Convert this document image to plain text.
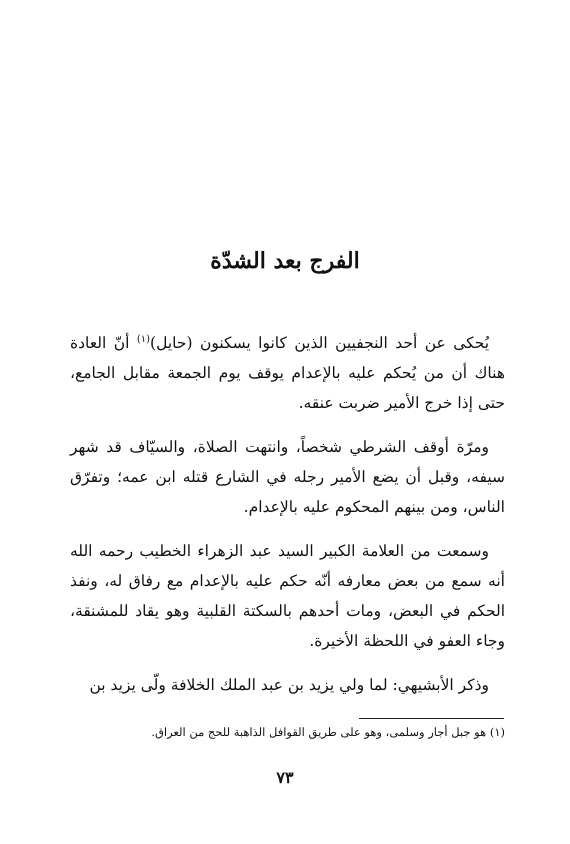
الفرج بعد الشدّة

يُحكى عن أحد النجفيين الذين كانوا يسكنون (حايل)$^{(١)}$ أنّ العادة هناك أن من يُحكم عليه بالإعدام يوقف يوم الجمعة مقابل الجامع، حتى إذا خرج الأمير ضربت عنقه.

ومرّة أوقف الشرطي شخصاً، وانتهت الصلاة، والسيّاف قد شهر سيفه، وقبل أن يضع الأمير رجله في الشارع قتله ابن عمه؛ وتفرّق الناس، ومن بينهم المحكوم عليه بالإعدام.

وسمعت من العلامة الكبير السيد عبد الزهراء الخطيب رحمه الله أنه سمع من بعض معارفه أنّه حكم عليه بالإعدام مع رفاق له، ونفذ الحكم في البعض، ومات أحدهم بالسكتة القلبية وهو يقاد للمشنقة، وجاء العفو في اللحظة الأخيرة.

وذكر الأبشيهي: لما ولي يزيد بن عبد الملك الخلافة ولّى يزيد بن

(١) هو جبل أجار وسلمى، وهو على طريق القوافل الذاهبة للحج من العراق.

٧٣
